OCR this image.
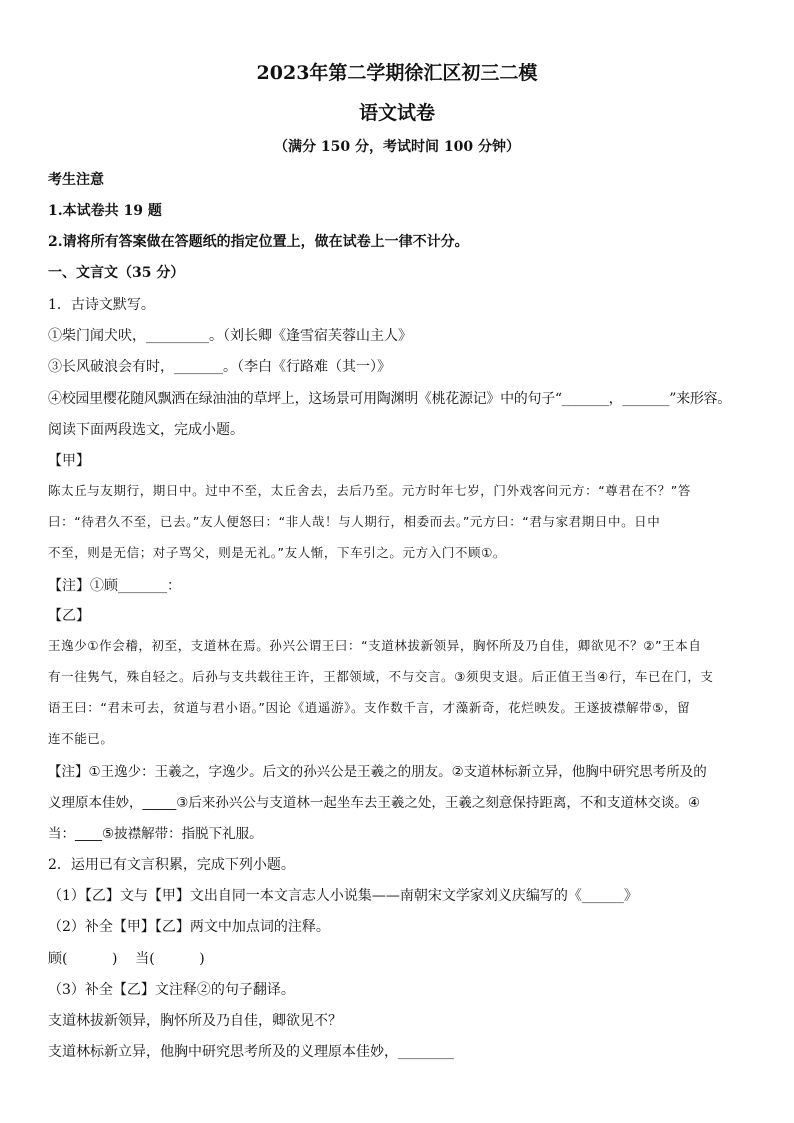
2023年第二学期徐汇区初三二模
语文试卷
（满分 150 分，考试时间 100 分钟）
考生注意
1.本试卷共 19 题
2.请将所有答案做在答题纸的指定位置上，做在试卷上一律不计分。
一、文言文（35 分）
1．古诗文默写。
①柴门闻犬吠，_________。（刘长卿《逢雪宿芙蓉山主人》
③长风破浪会有时，_______。（李白《行路难（其一）》
④校园里樱花随风飘洒在绿油油的草坪上，这场景可用陶渊明《桃花源记》中的句子“_______，_______”来形容。
阅读下面两段选文，完成小题。
【甲】
陈太丘与友期行，期日中。过中不至，太丘舍去，去后乃至。元方时年七岁，门外戏客问元方：“尊君在不？”答
曰：“待君久不至，已去。”友人便怒曰：“非人哉！与人期行，相委而去。”元方曰：“君与家君期日中。日中
不至，则是无信；对子骂父，则是无礼。”友人惭，下车引之。元方入门不顾①。
【注】①顾_______：
【乙】
王逸少①作会稽，初至，支道林在焉。孙兴公谓王曰：“支道林拔新领异，胸怀所及乃自佳，卿欲见不？②”王本自
有一往隽气，殊自轻之。后孙与支共载往王许，王都领域，不与交言。③须臾支退。后正值王当④行，车已在门，支
语王曰：“君未可去，贫道与君小语。”因论《逍遥游》。支作数千言，才藻新奇，花烂映发。王遂披襟解带⑤，留
连不能已。
【注】①王逸少：王羲之，字逸少。后文的孙兴公是王羲之的朋友。②支道林标新立异，他胸中研究思考所及的
义理原本佳妙，_____③后来孙兴公与支道林一起坐车去王羲之处，王羲之刻意保持距离，不和支道林交谈。④
当：____⑤披襟解带：指脱下礼服。
2．运用已有文言积累，完成下列小题。
（1）【乙】文与【甲】文出自同一本文言志人小说集——南朝宋文学家刘义庆编写的《______》
（2）补全【甲】【乙】两文中加点词的注释。
顾(          )    当(          )
（3）补全【乙】文注释②的句子翻译。
支道林拔新领异，胸怀所及乃自佳，卿欲见不？
支道林标新立异，他胸中研究思考所及的义理原本佳妙，________
